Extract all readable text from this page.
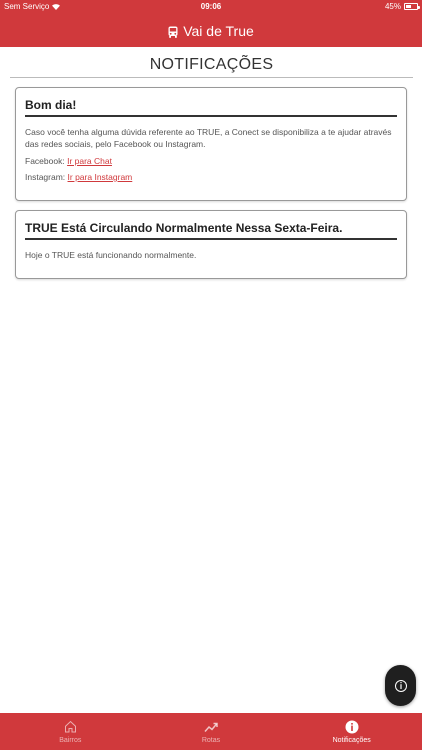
Sem Serviço	09:06	45%
Vai de True
NOTIFICAÇÕES
Bom dia!
Caso você tenha alguma dúvida referente ao TRUE, a Conect se disponibiliza a te ajudar através das redes sociais, pelo Facebook ou Instagram.
Facebook: Ir para Chat
Instagram: Ir para Instagram
TRUE Está Circulando Normalmente Nessa Sexta-Feira.
Hoje o TRUE está funcionando normalmente.
Bairros	Rotas	Notificações
